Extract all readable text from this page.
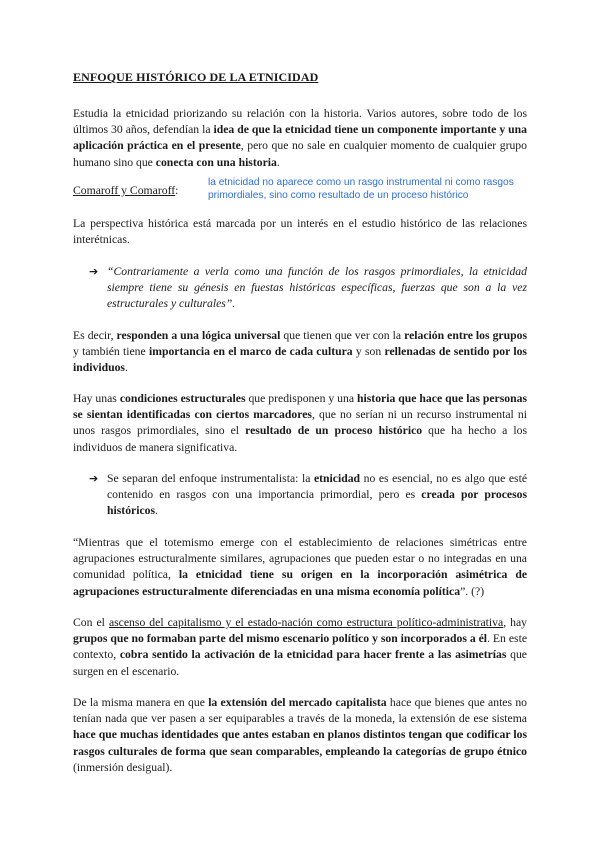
ENFOQUE HISTÓRICO DE LA ETNICIDAD

Estudia la etnicidad priorizando su relación con la historia. Varios autores, sobre todo de los últimos 30 años, defendían la idea de que la etnicidad tiene un componente importante y una aplicación práctica en el presente, pero que no sale en cualquier momento de cualquier grupo humano sino que conecta con una historia.

Comaroff y Comaroff:

la etnicidad no aparece como un rasgo instrumental ni como rasgos primordiales, sino como resultado de un proceso histórico

La perspectiva histórica está marcada por un interés en el estudio histórico de las relaciones interétnicas.

➔ “Contrariamente a verla como una función de los rasgos primordiales, la etnicidad siempre tiene su génesis en fuestas históricas específicas, fuerzas que son a la vez estructurales y culturales”.

Es decir, responden a una lógica universal que tienen que ver con la relación entre los grupos y también tiene importancia en el marco de cada cultura y son rellenadas de sentido por los individuos.

Hay unas condiciones estructurales que predisponen y una historia que hace que las personas se sientan identificadas con ciertos marcadores, que no serían ni un recurso instrumental ni unos rasgos primordiales, sino el resultado de un proceso histórico que ha hecho a los individuos de manera significativa.

➔ Se separan del enfoque instrumentalista: la etnicidad no es esencial, no es algo que esté contenido en rasgos con una importancia primordial, pero es creada por procesos históricos.

“Mientras que el totemismo emerge con el establecimiento de relaciones simétricas entre agrupaciones estructuralmente similares, agrupaciones que pueden estar o no integradas en una comunidad política, la etnicidad tiene su origen en la incorporación asimétrica de agrupaciones estructuralmente diferenciadas en una misma economía política”. (?)

Con el ascenso del capitalismo y el estado-nación como estructura político-administrativa, hay grupos que no formaban parte del mismo escenario político y son incorporados a él. En este contexto, cobra sentido la activación de la etnicidad para hacer frente a las asimetrías que surgen en el escenario.

De la misma manera en que la extensión del mercado capitalista hace que bienes que antes no tenían nada que ver pasen a ser equiparables a través de la moneda, la extensión de ese sistema hace que muchas identidades que antes estaban en planos distintos tengan que codificar los rasgos culturales de forma que sean comparables, empleando la categorías de grupo étnico (inmersión desigual).
